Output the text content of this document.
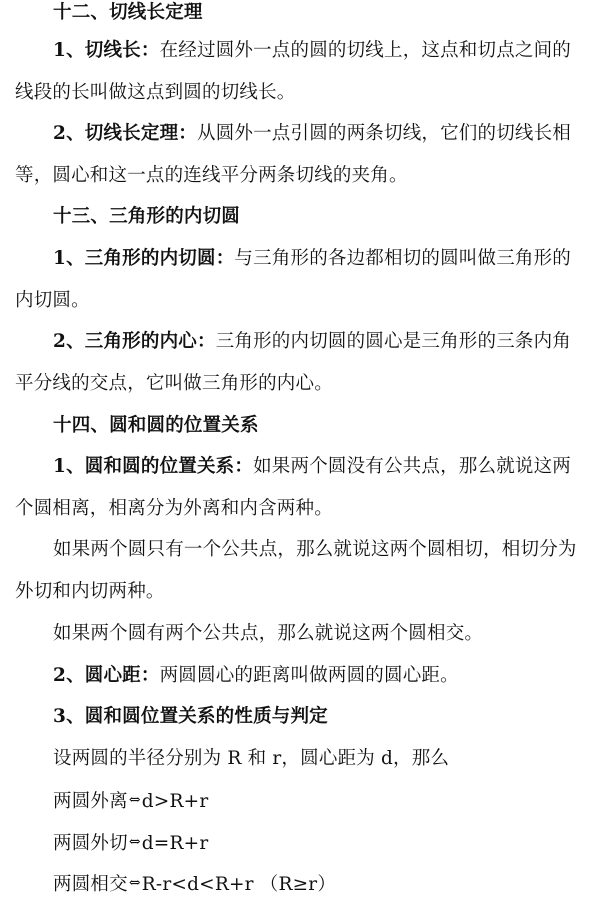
十二、切线长定理
1、切线长：在经过圆外一点的圆的切线上，这点和切点之间的
线段的长叫做这点到圆的切线长。
2、切线长定理：从圆外一点引圆的两条切线，它们的切线长相
等，圆心和这一点的连线平分两条切线的夹角。
十三、三角形的内切圆
1、三角形的内切圆：与三角形的各边都相切的圆叫做三角形的
内切圆。
2、三角形的内心：三角形的内切圆的圆心是三角形的三条内角
平分线的交点，它叫做三角形的内心。
十四、圆和圆的位置关系
1、圆和圆的位置关系：如果两个圆没有公共点，那么就说这两
个圆相离，相离分为外离和内含两种。
如果两个圆只有一个公共点，那么就说这两个圆相切，相切分为
外切和内切两种。
如果两个圆有两个公共点，那么就说这两个圆相交。
2、圆心距：两圆圆心的距离叫做两圆的圆心距。
3、圆和圆位置关系的性质与判定
设两圆的半径分别为 R 和 r，圆心距为 d，那么
两圆外离⇔d>R+r
两圆外切⇔d=R+r
两圆相交⇔R-r<d<R+r （R≥r）
